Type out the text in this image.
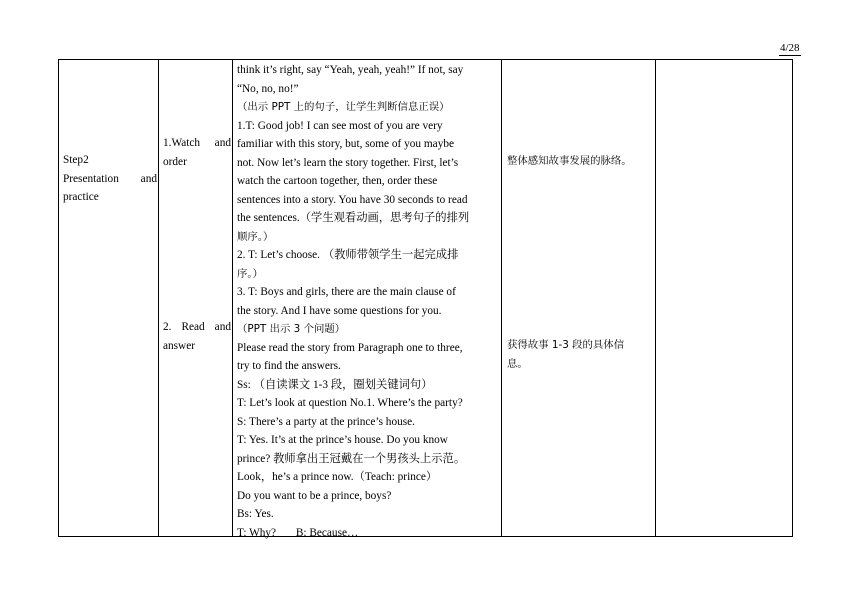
4/28
Step2
Presentation and
practice
1.Watch and
order
2. Read and
answer
think it’s right, say “Yeah, yeah, yeah!” If not, say
“No, no, no!”
（出示 PPT 上的句子，让学生判断信息正误）
1.T: Good job! I can see most of you are very
familiar with this story, but, some of you maybe
not. Now let’s learn the story together. First, let’s
watch the cartoon together, then, order these
sentences into a story. You have 30 seconds to read
the sentences.（学生观看动画，思考句子的排列
顺序。）
2. T: Let’s choose. （教师带领学生一起完成排
序。）
3. T: Boys and girls, there are the main clause of
the story. And I have some questions for you.
（PPT 出示 3 个问题）
Please read the story from Paragraph one to three,
try to find the answers.
Ss: （自读课文 1-3 段，圈划关键词句）
T: Let’s look at question No.1. Where’s the party?
S: There’s a party at the prince’s house.
T: Yes. It’s at the prince’s house. Do you know
prince? 教师拿出王冠戴在一个男孩头上示范。
Look，he’s a prince now.（Teach: prince）
Do you want to be a prince, boys?
Bs: Yes.
T: Why?       B: Because…
整体感知故事发展的脉络。
获得故事 1-3 段的具体信
息。
